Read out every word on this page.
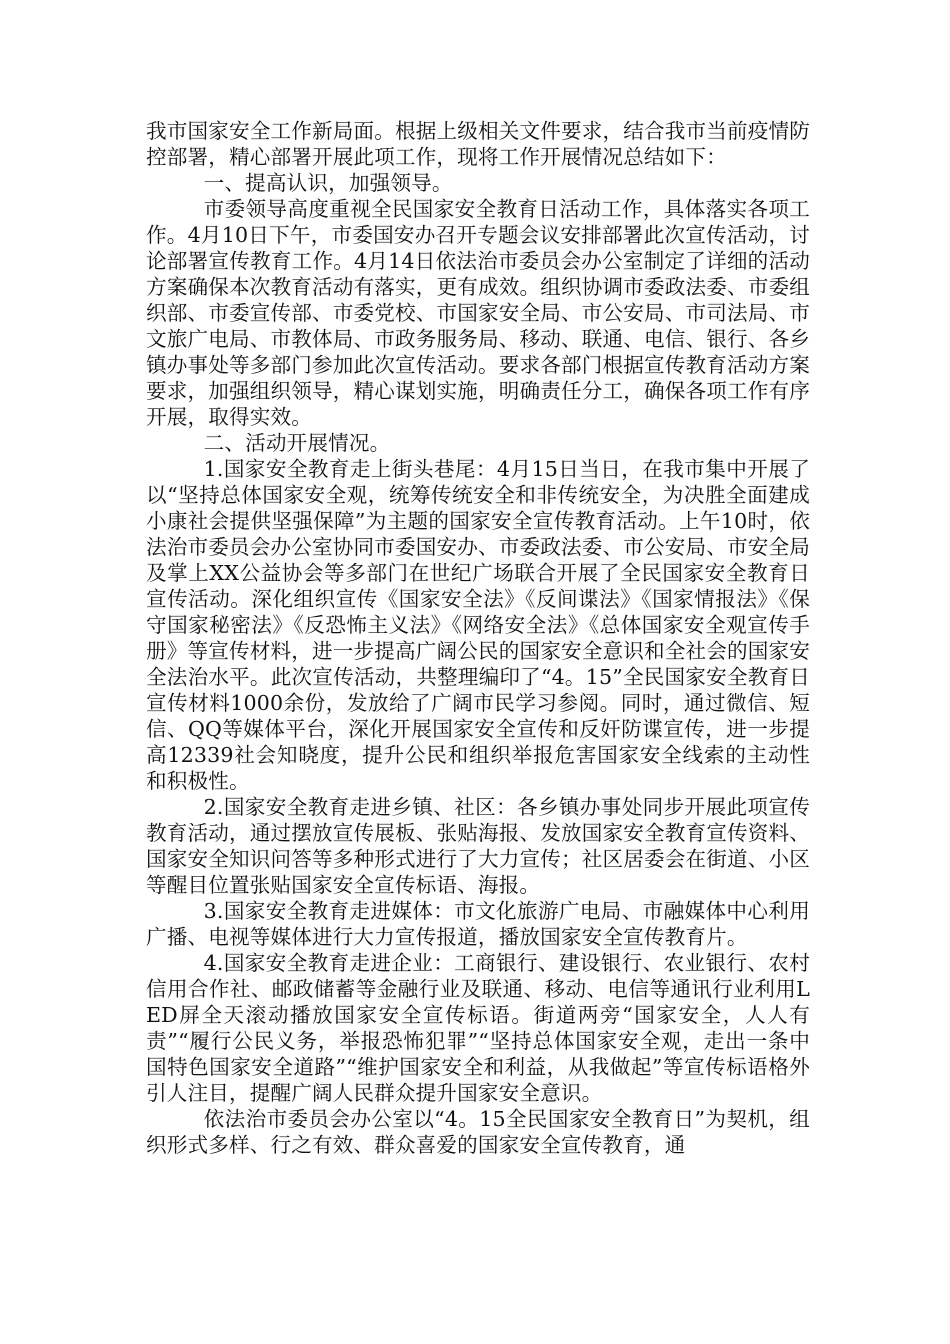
我市国家安全工作新局面。根据上级相关文件要求，结合我市当前疫情防控部署，精心部署开展此项工作，现将工作开展情况总结如下：

一、提高认识，加强领导。

市委领导高度重视全民国家安全教育日活动工作，具体落实各项工作。4月10日下午，市委国安办召开专题会议安排部署此次宣传活动，讨论部署宣传教育工作。4月14日依法治市委员会办公室制定了详细的活动方案确保本次教育活动有落实，更有成效。组织协调市委政法委、市委组织部、市委宣传部、市委党校、市国家安全局、市公安局、市司法局、市文旅广电局、市教体局、市政务服务局、移动、联通、电信、银行、各乡镇办事处等多部门参加此次宣传活动。要求各部门根据宣传教育活动方案要求，加强组织领导，精心谋划实施，明确责任分工，确保各项工作有序开展，取得实效。

二、活动开展情况。

1.国家安全教育走上街头巷尾：4月15日当日，在我市集中开展了以“坚持总体国家安全观，统筹传统安全和非传统安全，为决胜全面建成小康社会提供坚强保障”为主题的国家安全宣传教育活动。上午10时，依法治市委员会办公室协同市委国安办、市委政法委、市公安局、市安全局及掌上XX公益协会等多部门在世纪广场联合开展了全民国家安全教育日宣传活动。深化组织宣传《国家安全法》《反间谍法》《国家情报法》《保守国家秘密法》《反恐怖主义法》《网络安全法》《总体国家安全观宣传手册》等宣传材料，进一步提高广阔公民的国家安全意识和全社会的国家安全法治水平。此次宣传活动，共整理编印了“4。15”全民国家安全教育日宣传材料1000余份，发放给了广阔市民学习参阅。同时，通过微信、短信、QQ等媒体平台，深化开展国家安全宣传和反奸防谍宣传，进一步提高12339社会知晓度，提升公民和组织举报危害国家安全线索的主动性和积极性。

2.国家安全教育走进乡镇、社区：各乡镇办事处同步开展此项宣传教育活动，通过摆放宣传展板、张贴海报、发放国家安全教育宣传资料、国家安全知识问答等多种形式进行了大力宣传；社区居委会在街道、小区等醒目位置张贴国家安全宣传标语、海报。

3.国家安全教育走进媒体：市文化旅游广电局、市融媒体中心利用广播、电视等媒体进行大力宣传报道，播放国家安全宣传教育片。

4.国家安全教育走进企业：工商银行、建设银行、农业银行、农村信用合作社、邮政储蓄等金融行业及联通、移动、电信等通讯行业利用LED屏全天滚动播放国家安全宣传标语。街道两旁“国家安全，人人有责”“履行公民义务，举报恐怖犯罪”“坚持总体国家安全观，走出一条中国特色国家安全道路”“维护国家安全和利益，从我做起”等宣传标语格外引人注目，提醒广阔人民群众提升国家安全意识。

依法治市委员会办公室以“4。15全民国家安全教育日”为契机，组织形式多样、行之有效、群众喜爱的国家安全宣传教育，通
